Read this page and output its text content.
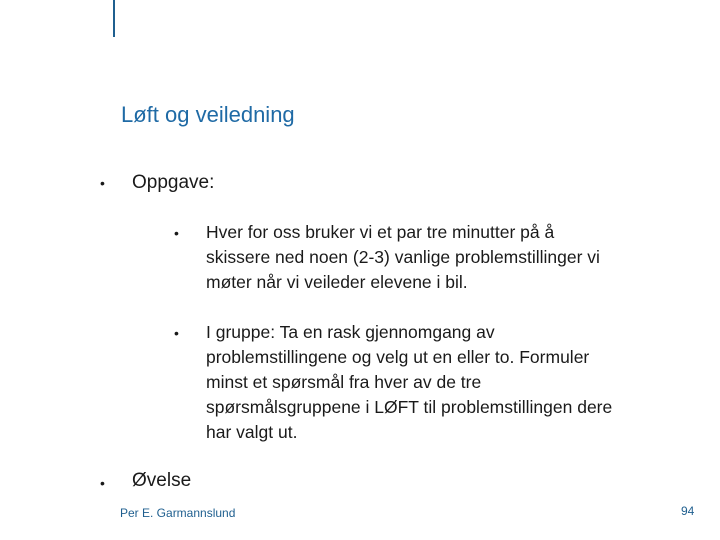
Løft og veiledning
• Oppgave:
• Hver for oss bruker vi et par tre minutter på å
skissere ned noen (2-3) vanlige problemstillinger vi
møter når vi veileder elevene i bil.
• I gruppe: Ta en rask gjennomgang av
problemstillingene og velg ut en eller to. Formuler
minst et spørsmål fra hver av de tre
spørsmålsgruppene i LØFT til problemstillingen dere
har valgt ut.
• Øvelse
Per E. Garmannslund	94
